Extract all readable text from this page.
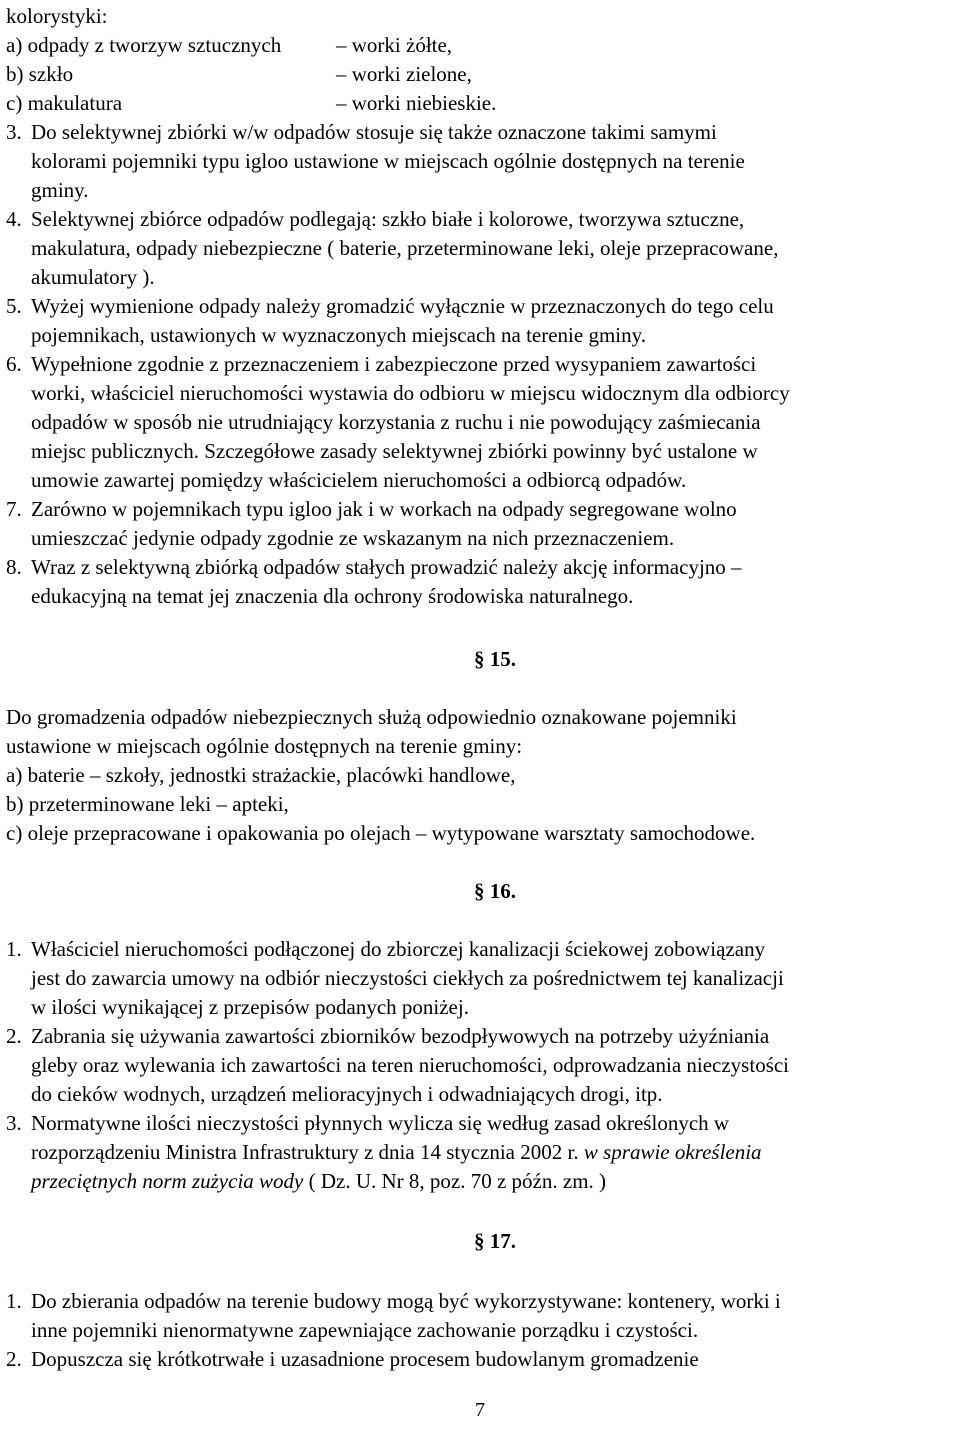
kolorystyki:

a) odpady z tworzyw sztucznych	– worki żółte,
b) szkło	– worki zielone,
c) makulatura	– worki niebieskie.
3. Do selektywnej zbiórki w/w odpadów stosuje się także oznaczone takimi samymi

kolorami pojemniki typu igloo ustawione w miejscach ogólnie dostępnych na terenie

gminy.

4. Selektywnej zbiórce odpadów podlegają: szkło białe i kolorowe, tworzywa sztuczne,

makulatura, odpady niebezpieczne ( baterie, przeterminowane leki, oleje przepracowane,

akumulatory ).

5. Wyżej wymienione odpady należy gromadzić wyłącznie w przeznaczonych do tego celu

pojemnikach, ustawionych w wyznaczonych miejscach na terenie gminy.

6. Wypełnione zgodnie z przeznaczeniem i zabezpieczone przed wysypaniem zawartości

worki, właściciel nieruchomości wystawia do odbioru w miejscu widocznym dla odbiorcy

odpadów w sposób nie utrudniający korzystania z ruchu i nie powodujący zaśmiecania

miejsc publicznych. Szczegółowe zasady selektywnej zbiórki powinny być ustalone w

umowie zawartej pomiędzy właścicielem nieruchomości a odbiorcą odpadów.

7. Zarówno w pojemnikach typu igloo jak i w workach na odpady segregowane wolno

umieszczać jedynie odpady zgodnie ze wskazanym na nich przeznaczeniem.

8. Wraz z selektywną zbiórką odpadów stałych prowadzić należy akcję informacyjno –

edukacyjną na temat jej znaczenia dla ochrony środowiska naturalnego.

§ 15.

Do gromadzenia odpadów niebezpiecznych służą odpowiednio oznakowane pojemniki

ustawione w miejscach ogólnie dostępnych na terenie gminy:

a) baterie – szkoły, jednostki strażackie, placówki handlowe,

b) przeterminowane leki – apteki,

c) oleje przepracowane i opakowania po olejach – wytypowane warsztaty samochodowe.

§ 16.
1. Właściciel nieruchomości podłączonej do zbiorczej kanalizacji ściekowej zobowiązany

jest do zawarcia umowy na odbiór nieczystości ciekłych za pośrednictwem tej kanalizacji

w ilości wynikającej z przepisów podanych poniżej.

2. Zabrania się używania zawartości zbiorników bezodpływowych na potrzeby użyźniania

gleby oraz wylewania ich zawartości na teren nieruchomości, odprowadzania nieczystości

do cieków wodnych, urządzeń melioracyjnych i odwadniających drogi, itp.

3. Normatywne ilości nieczystości płynnych wylicza się według zasad określonych w

rozporządzeniu Ministra Infrastruktury z dnia 14 stycznia 2002 r. w sprawie określenia

przeciętnych norm zużycia wody ( Dz. U. Nr 8, poz. 70 z późn. zm. )

§ 17.
1. Do zbierania odpadów na terenie budowy mogą być wykorzystywane: kontenery, worki i

inne pojemniki nienormatywne zapewniające zachowanie porządku i czystości.

2. Dopuszcza się krótkotrwałe i uzasadnione procesem budowlanym gromadzenie

7
